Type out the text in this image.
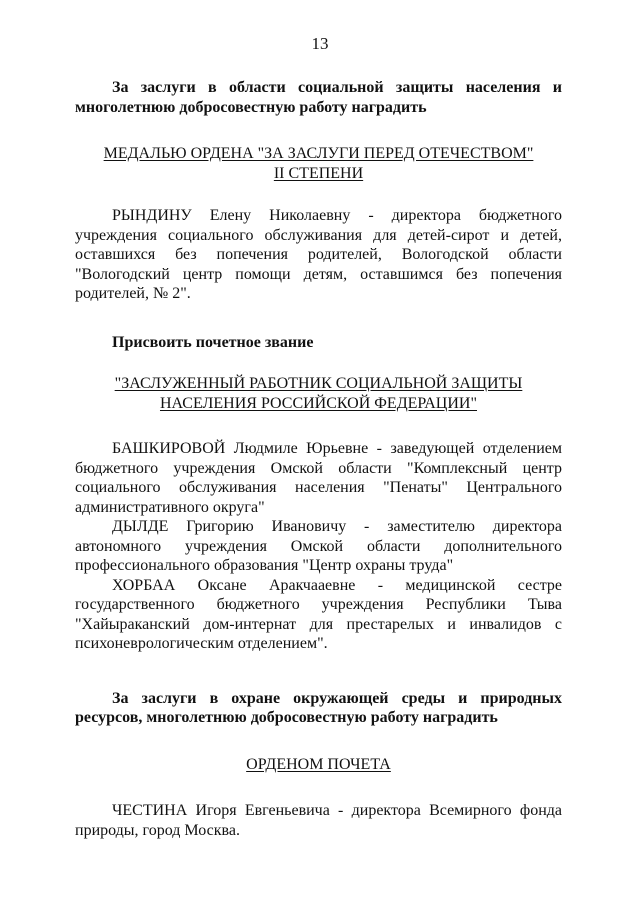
13

За заслуги в области социальной защиты населения и многолетнюю добросовестную работу наградить

МЕДАЛЬЮ ОРДЕНА "ЗА ЗАСЛУГИ ПЕРЕД ОТЕЧЕСТВОМ"
II СТЕПЕНИ

РЫНДИНУ Елену Николаевну - директора бюджетного учреждения социального обслуживания для детей-сирот и детей, оставшихся без попечения родителей, Вологодской области "Вологодский центр помощи детям, оставшимся без попечения родителей, № 2".

Присвоить почетное звание

"ЗАСЛУЖЕННЫЙ РАБОТНИК СОЦИАЛЬНОЙ ЗАЩИТЫ
НАСЕЛЕНИЯ РОССИЙСКОЙ ФЕДЕРАЦИИ"

БАШКИРОВОЙ Людмиле Юрьевне - заведующей отделением бюджетного учреждения Омской области "Комплексный центр социального обслуживания населения "Пенаты" Центрального административного округа"

ДЫЛДЕ Григорию Ивановичу - заместителю директора автономного учреждения Омской области дополнительного профессионального образования "Центр охраны труда"

ХОРБАА Оксане Аракчааевне - медицинской сестре государственного бюджетного учреждения Республики Тыва "Хайыраканский дом-интернат для престарелых и инвалидов с психоневрологическим отделением".

За заслуги в охране окружающей среды и природных ресурсов, многолетнюю добросовестную работу наградить

ОРДЕНОМ ПОЧЕТА

ЧЕСТИНА Игоря Евгеньевича - директора Всемирного фонда природы, город Москва.
